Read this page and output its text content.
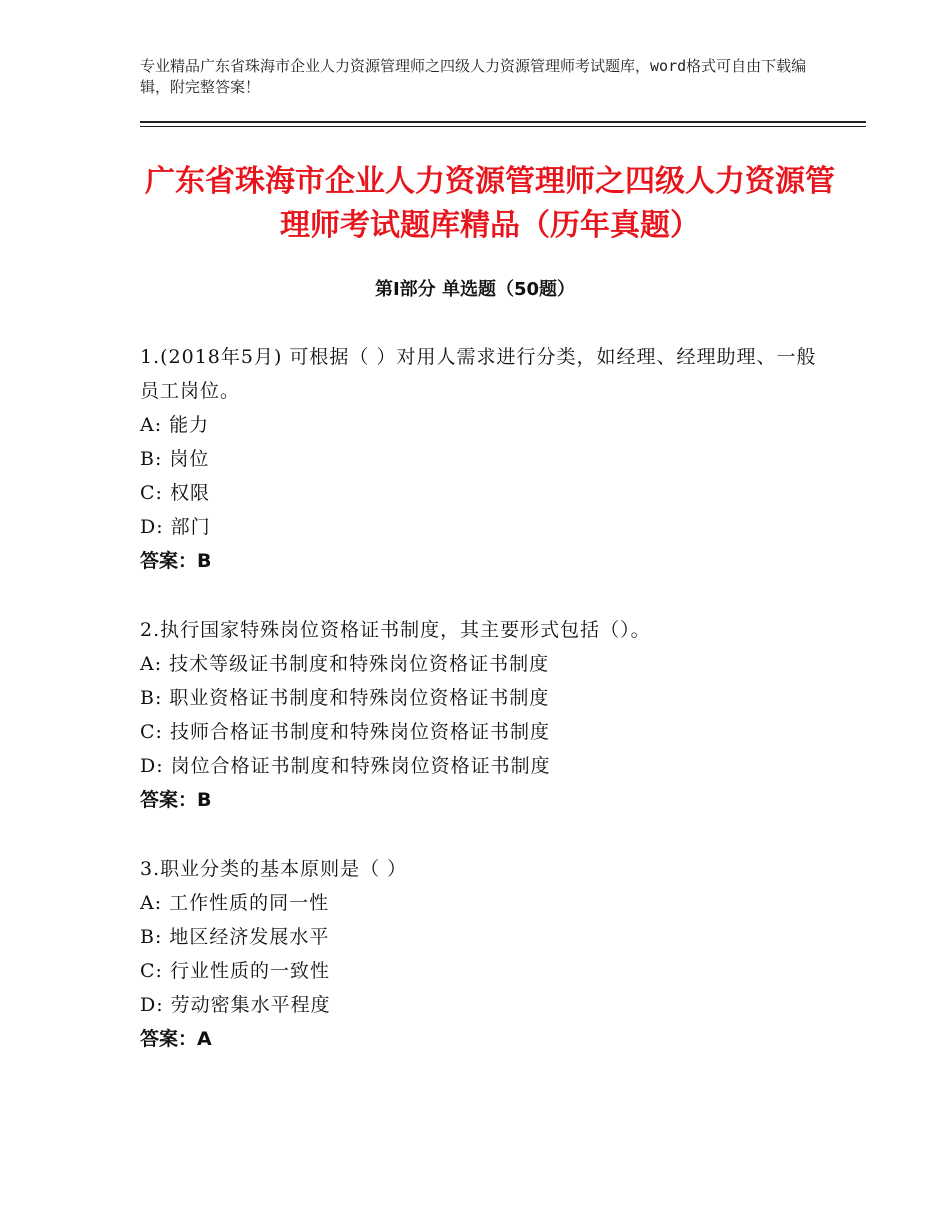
专业精品广东省珠海市企业人力资源管理师之四级人力资源管理师考试题库，word格式可自由下载编辑，附完整答案！
广东省珠海市企业人力资源管理师之四级人力资源管理师考试题库精品（历年真题）
第Ⅰ部分 单选题（50题）
1.(2018年5月) 可根据（ ）对用人需求进行分类，如经理、经理助理、一般员工岗位。
A: 能力
B: 岗位
C: 权限
D: 部门
答案：B
2.执行国家特殊岗位资格证书制度，其主要形式包括（）。
A: 技术等级证书制度和特殊岗位资格证书制度
B: 职业资格证书制度和特殊岗位资格证书制度
C: 技师合格证书制度和特殊岗位资格证书制度
D: 岗位合格证书制度和特殊岗位资格证书制度
答案：B
3.职业分类的基本原则是（ ）
A: 工作性质的同一性
B: 地区经济发展水平
C: 行业性质的一致性
D: 劳动密集水平程度
答案：A
